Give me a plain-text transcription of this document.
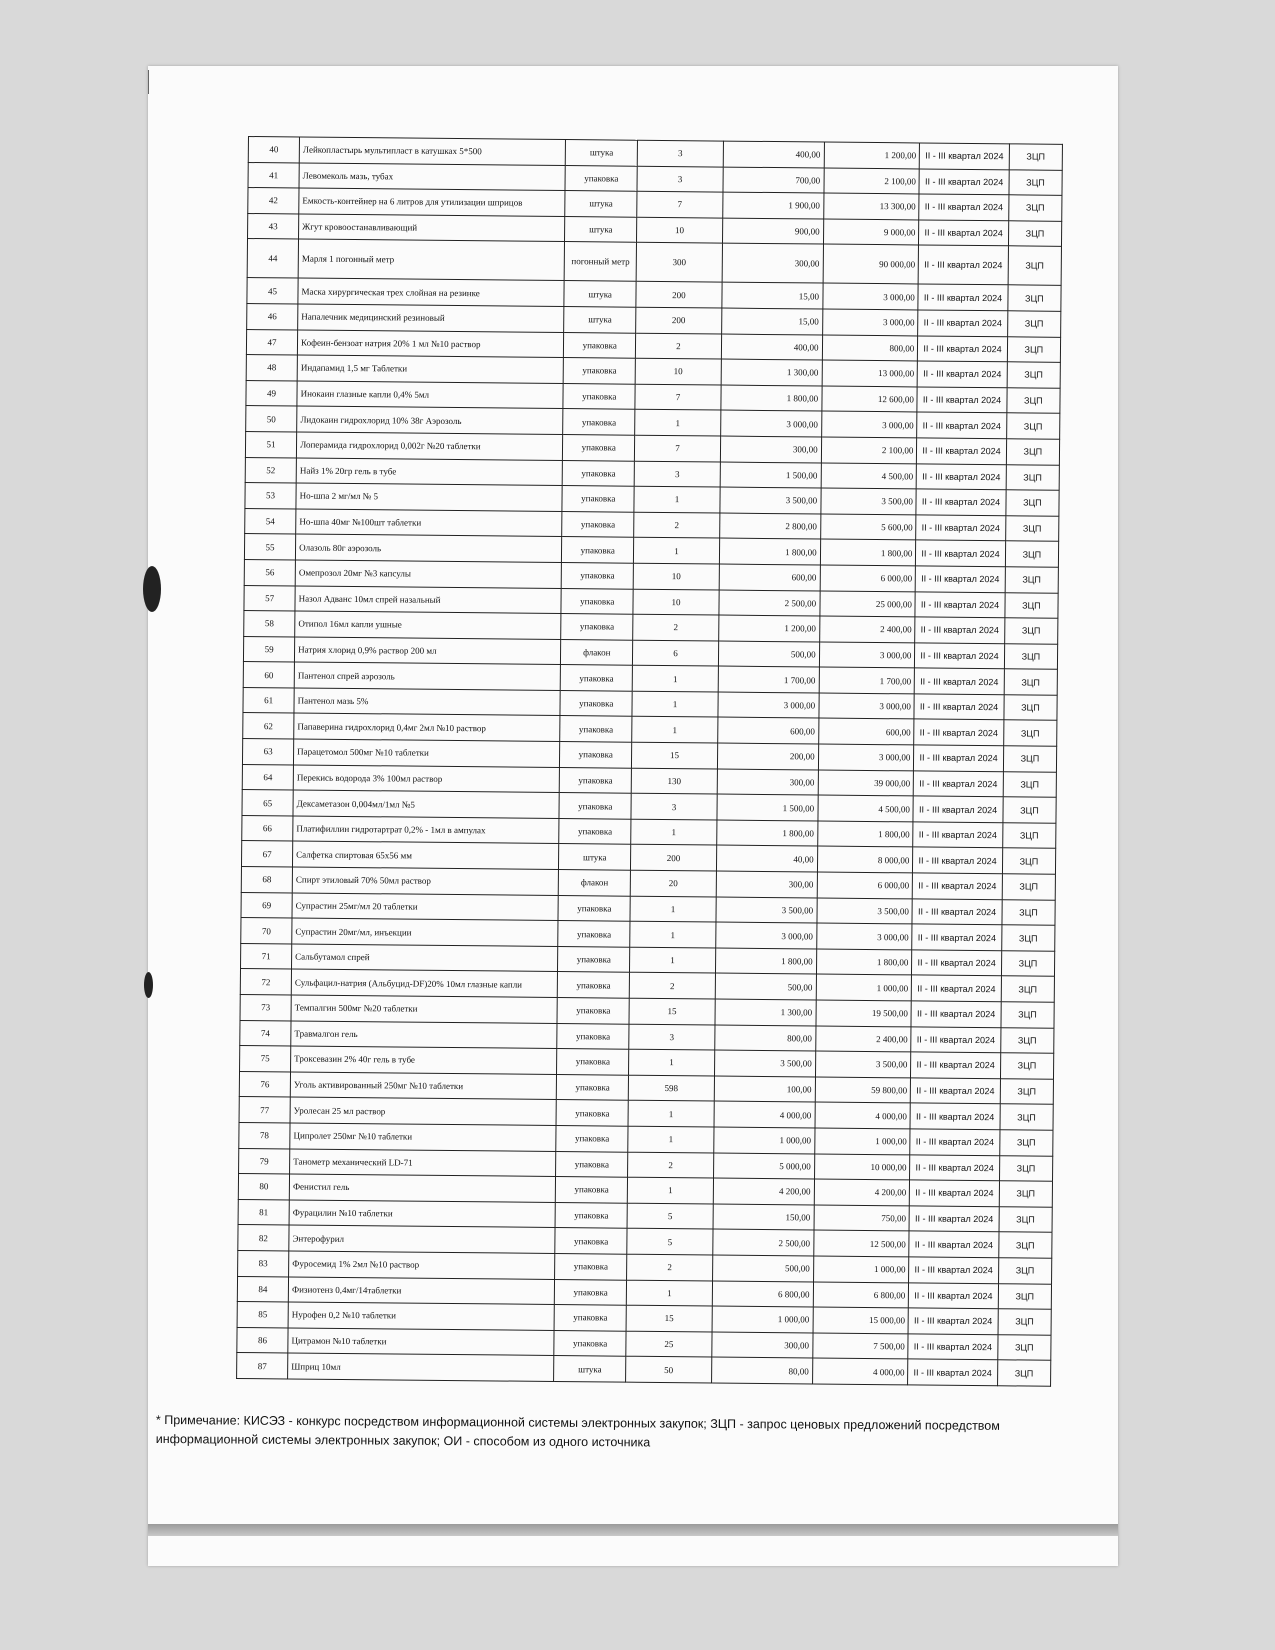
40	Лейкопластырь мультипласт в катушках 5*500	штука	3	400,00	1 200,00	II - III квартал 2024	ЗЦП
41	Левомеколь мазь, тубах	упаковка	3	700,00	2 100,00	II - III квартал 2024	ЗЦП
42	Емкость-контейнер на 6 литров для утилизации шприцов	штука	7	1 900,00	13 300,00	II - III квартал 2024	ЗЦП
43	Жгут кровоостанавливающий	штука	10	900,00	9 000,00	II - III квартал 2024	ЗЦП
44	Марля 1 погонный метр	погонный метр	300	300,00	90 000,00	II - III квартал 2024	ЗЦП
45	Маска хирургическая трех слойная на резинке	штука	200	15,00	3 000,00	II - III квартал 2024	ЗЦП
46	Напалечник медицинский резиновый	штука	200	15,00	3 000,00	II - III квартал 2024	ЗЦП
47	Кофеин-бензоат натрия 20% 1 мл №10 раствор	упаковка	2	400,00	800,00	II - III квартал 2024	ЗЦП
48	Индапамид 1,5 мг Таблетки	упаковка	10	1 300,00	13 000,00	II - III квартал 2024	ЗЦП
49	Инокаин глазные капли 0,4% 5мл	упаковка	7	1 800,00	12 600,00	II - III квартал 2024	ЗЦП
50	Лидокаин гидрохлорид 10% 38г Аэрозоль	упаковка	1	3 000,00	3 000,00	II - III квартал 2024	ЗЦП
51	Лоперамида гидрохлорид 0,002г №20 таблетки	упаковка	7	300,00	2 100,00	II - III квартал 2024	ЗЦП
52	Найз 1% 20гр гель в тубе	упаковка	3	1 500,00	4 500,00	II - III квартал 2024	ЗЦП
53	Но-шпа 2 мг/мл № 5	упаковка	1	3 500,00	3 500,00	II - III квартал 2024	ЗЦП
54	Но-шпа 40мг №100шт таблетки	упаковка	2	2 800,00	5 600,00	II - III квартал 2024	ЗЦП
55	Олазоль 80г аэрозоль	упаковка	1	1 800,00	1 800,00	II - III квартал 2024	ЗЦП
56	Омепрозол 20мг №3 капсулы	упаковка	10	600,00	6 000,00	II - III квартал 2024	ЗЦП
57	Назол Адванс 10мл спрей назальный	упаковка	10	2 500,00	25 000,00	II - III квартал 2024	ЗЦП
58	Отипол 16мл капли ушные	упаковка	2	1 200,00	2 400,00	II - III квартал 2024	ЗЦП
59	Натрия хлорид 0,9% раствор 200 мл	флакон	6	500,00	3 000,00	II - III квартал 2024	ЗЦП
60	Пантенол спрей аэрозоль	упаковка	1	1 700,00	1 700,00	II - III квартал 2024	ЗЦП
61	Пантенол мазь 5%	упаковка	1	3 000,00	3 000,00	II - III квартал 2024	ЗЦП
62	Папаверина гидрохлорид 0,4мг 2мл №10 раствор	упаковка	1	600,00	600,00	II - III квартал 2024	ЗЦП
63	Парацетомол 500мг №10 таблетки	упаковка	15	200,00	3 000,00	II - III квартал 2024	ЗЦП
64	Перекись водорода 3% 100мл раствор	упаковка	130	300,00	39 000,00	II - III квартал 2024	ЗЦП
65	Дексаметазон 0,004мл/1мл №5	упаковка	3	1 500,00	4 500,00	II - III квартал 2024	ЗЦП
66	Платифиллин гидротартрат 0,2% - 1мл в ампулах	упаковка	1	1 800,00	1 800,00	II - III квартал 2024	ЗЦП
67	Салфетка спиртовая 65х56 мм	штука	200	40,00	8 000,00	II - III квартал 2024	ЗЦП
68	Спирт этиловый 70% 50мл раствор	флакон	20	300,00	6 000,00	II - III квартал 2024	ЗЦП
69	Супрастин 25мг/мл 20 таблетки	упаковка	1	3 500,00	3 500,00	II - III квартал 2024	ЗЦП
70	Супрастин 20мг/мл, инъекции	упаковка	1	3 000,00	3 000,00	II - III квартал 2024	ЗЦП
71	Сальбутамол спрей	упаковка	1	1 800,00	1 800,00	II - III квартал 2024	ЗЦП
72	Сульфацил-натрия (Альбуцид-DF)20% 10мл глазные капли	упаковка	2	500,00	1 000,00	II - III квартал 2024	ЗЦП
73	Темпалгин 500мг №20 таблетки	упаковка	15	1 300,00	19 500,00	II - III квартал 2024	ЗЦП
74	Травмалгон гель	упаковка	3	800,00	2 400,00	II - III квартал 2024	ЗЦП
75	Троксевазин 2% 40г гель в тубе	упаковка	1	3 500,00	3 500,00	II - III квартал 2024	ЗЦП
76	Уголь активированный 250мг №10 таблетки	упаковка	598	100,00	59 800,00	II - III квартал 2024	ЗЦП
77	Уролесан 25 мл раствор	упаковка	1	4 000,00	4 000,00	II - III квартал 2024	ЗЦП
78	Ципролет 250мг №10 таблетки	упаковка	1	1 000,00	1 000,00	II - III квартал 2024	ЗЦП
79	Танометр механический LD-71	упаковка	2	5 000,00	10 000,00	II - III квартал 2024	ЗЦП
80	Фенистил гель	упаковка	1	4 200,00	4 200,00	II - III квартал 2024	ЗЦП
81	Фурацилин №10 таблетки	упаковка	5	150,00	750,00	II - III квартал 2024	ЗЦП
82	Энтерофурил	упаковка	5	2 500,00	12 500,00	II - III квартал 2024	ЗЦП
83	Фуросемид 1% 2мл №10 раствор	упаковка	2	500,00	1 000,00	II - III квартал 2024	ЗЦП
84	Физиотенз 0,4мг/14таблетки	упаковка	1	6 800,00	6 800,00	II - III квартал 2024	ЗЦП
85	Нурофен 0,2 №10 таблетки	упаковка	15	1 000,00	15 000,00	II - III квартал 2024	ЗЦП
86	Цитрамон №10 таблетки	упаковка	25	300,00	7 500,00	II - III квартал 2024	ЗЦП
87	Шприц 10мл	штука	50	80,00	4 000,00	II - III квартал 2024	ЗЦП
* Примечание: КИСЭЗ - конкурс посредством информационной системы электронных закупок; ЗЦП - запрос ценовых предложений посредством информационной системы электронных закупок; ОИ - способом из одного источника
